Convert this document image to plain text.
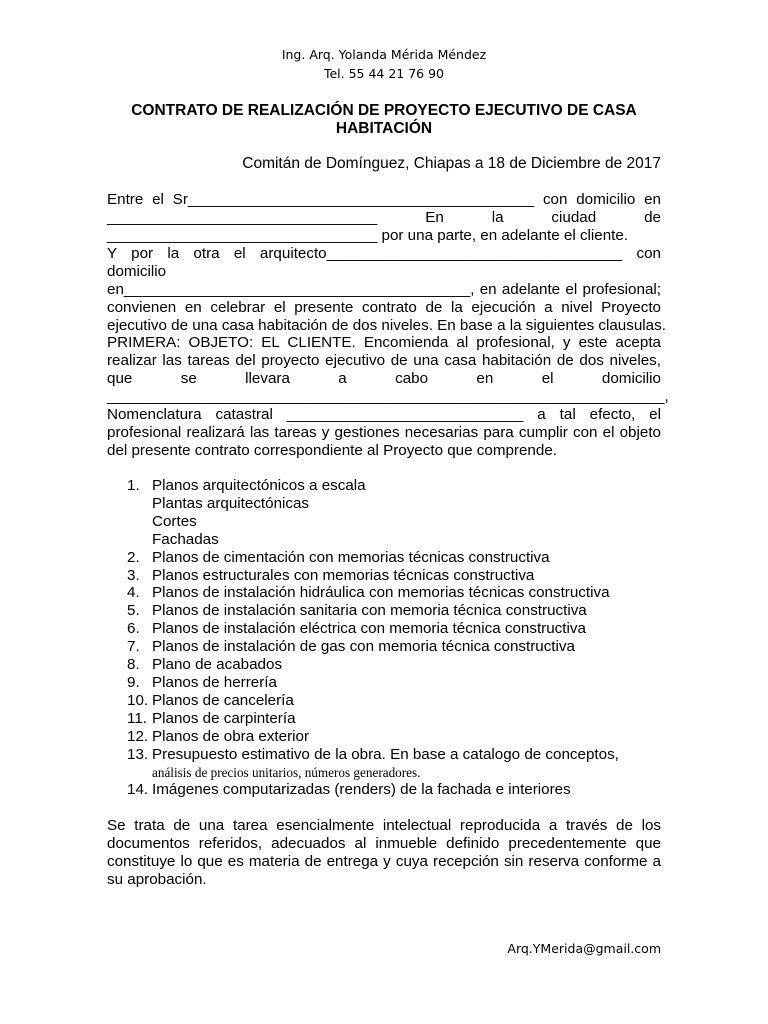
Ing. Arq. Yolanda Mérida Méndez
Tel. 55 44 21 76 90
CONTRATO DE REALIZACIÓN DE PROYECTO EJECUTIVO DE CASA
HABITACIÓN
Comitán de Domínguez, Chiapas a 18 de Diciembre de 2017
Entre el Sr_________________________________________ con domicilio en
________________________________ En la ciudad de
________________________________ por una parte, en adelante el cliente.
Y por la otra el arquitecto___________________________________ con domicilio
en_________________________________________, en adelante el profesional;
convienen en celebrar el presente contrato de la ejecución a nivel Proyecto
ejecutivo de una casa habitación de dos niveles. En base a la siguientes clausulas.
PRIMERA: OBJETO: EL CLIENTE. Encomienda al profesional, y este acepta
realizar las tareas del proyecto ejecutivo de una casa habitación de dos niveles,
que se llevara a cabo en el domicilio
__________________________________________________________________,
Nomenclatura catastral ____________________________ a tal efecto, el
profesional realizará las tareas y gestiones necesarias para cumplir con el objeto
del presente contrato correspondiente al Proyecto que comprende.
1. Planos arquitectónicos a escala
Plantas arquitectónicas
Cortes
Fachadas
2. Planos de cimentación con memorias técnicas constructiva
3. Planos estructurales con memorias técnicas constructiva
4. Planos de instalación hidráulica con memorias técnicas constructiva
5. Planos de instalación sanitaria con memoria técnica constructiva
6. Planos de instalación eléctrica con memoria técnica constructiva
7. Planos de instalación de gas con memoria técnica constructiva
8. Plano de acabados
9. Planos de herrería
10. Planos de cancelería
11. Planos de carpintería
12. Planos de obra exterior
13. Presupuesto estimativo de la obra. En base a catalogo de conceptos,
análisis de precios unitarios, números generadores.
14. Imágenes computarizadas (renders) de la fachada e interiores
Se trata de una tarea esencialmente intelectual reproducida a través de los documentos referidos, adecuados al inmueble definido precedentemente que constituye lo que es materia de entrega y cuya recepción sin reserva conforme a su aprobación.
Arq.YMerida@gmail.com
